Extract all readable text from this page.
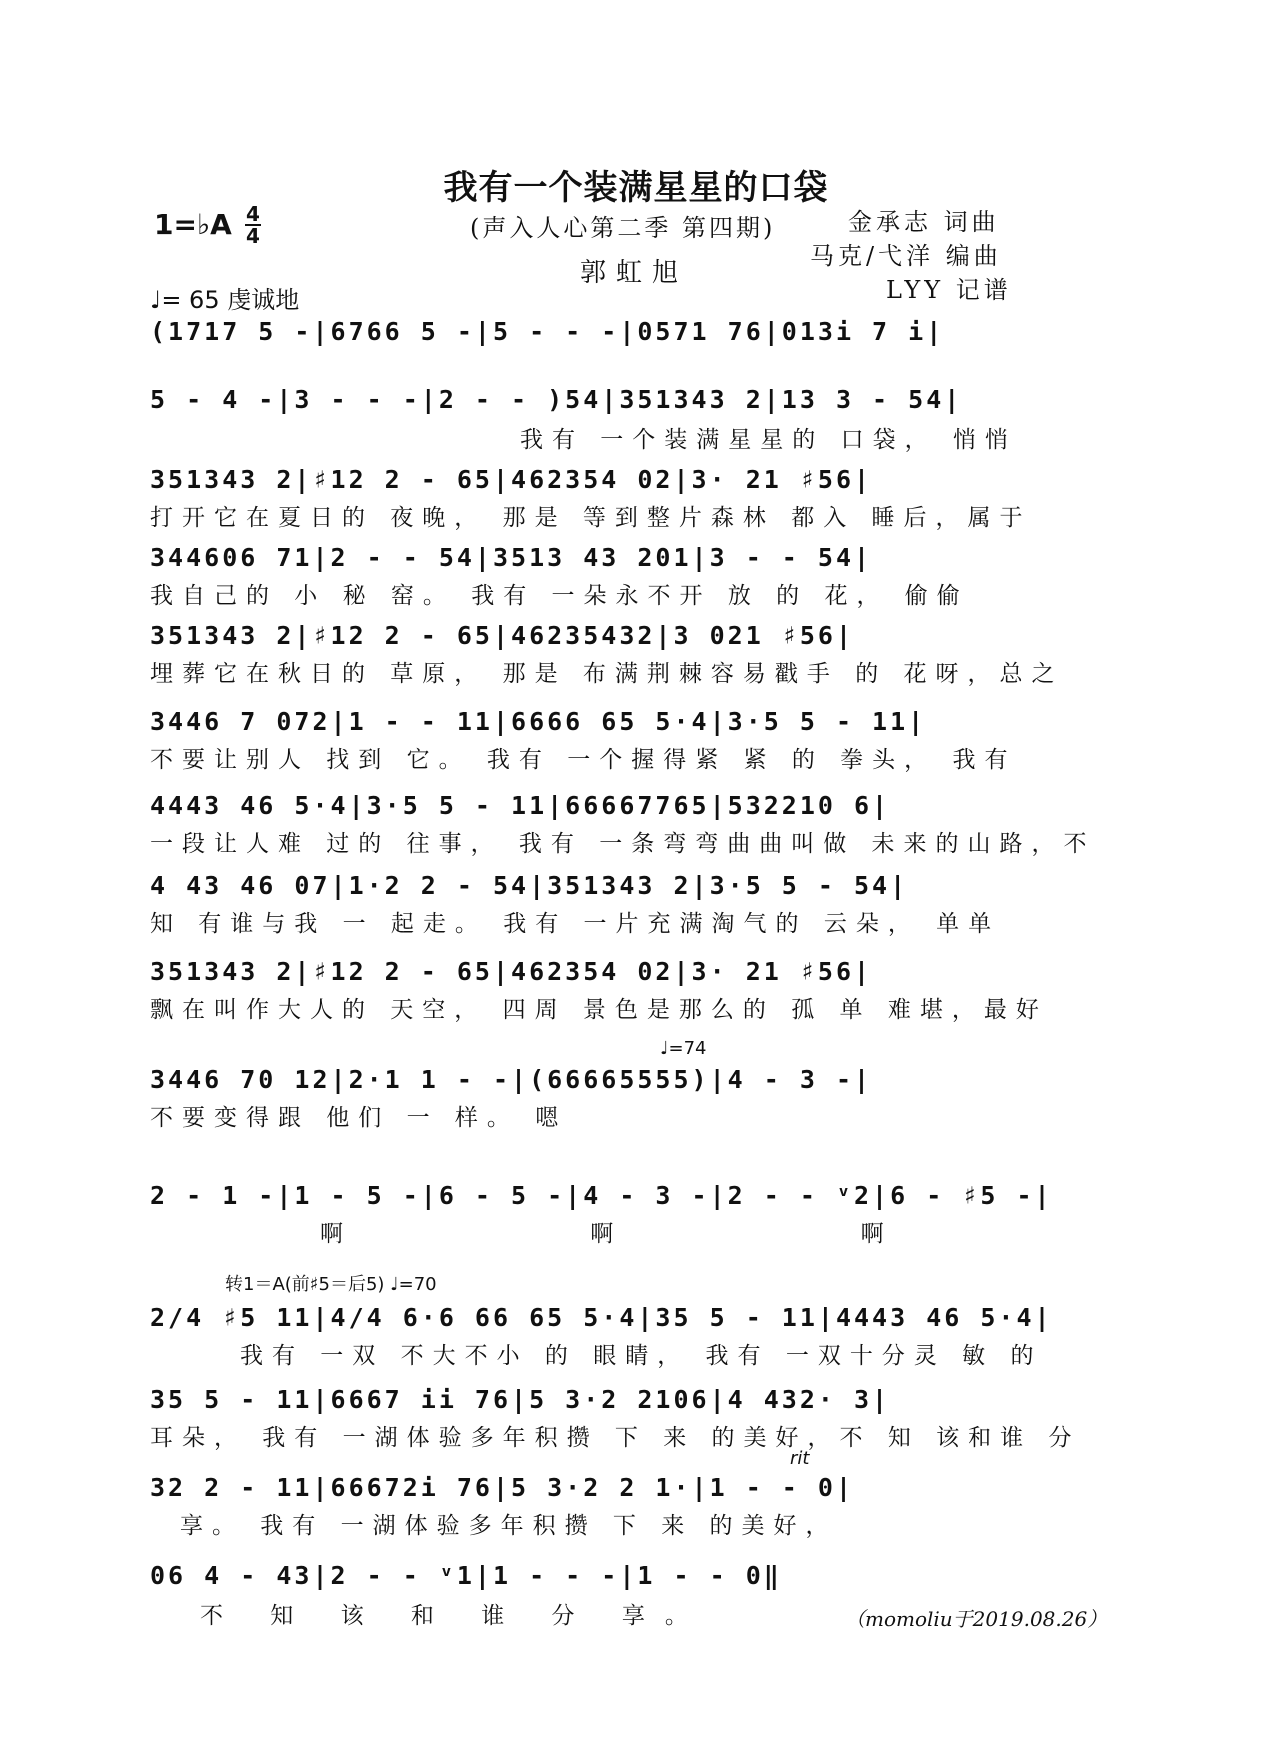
我有一个装满星星的口袋
(声入人心第二季 第四期)
郭虹旭
1=♭A 4
4
♩= 65 虔诚地
金承志 词曲
马克/弋洋 编曲
LYY 记谱
(1717 5 -|6766 5 -|5 - - -|0571 76|013i 7 i|
5 - 4 -|3 - - -|2 - - )54|351343 2|13 3 - 54|
我有 一个装满星星的 口袋， 悄悄
351343 2|♯12 2 - 65|462354 02|3· 21 ♯56|
打开它在夏日的 夜晚， 那是 等到整片森林 都入 睡后，属于
344606 71|2 - - 54|3513 43 201|3 - - 54|
我自己的 小 秘 窑。 我有 一朵永不开 放 的 花， 偷偷
351343 2|♯12 2 - 65|46235432|3 021 ♯56|
埋葬它在秋日的 草原， 那是 布满荆棘容易戳手 的 花呀，总之
3446 7 072|1 - - 11|6666 65 5·4|3·5 5 - 11|
不要让别人 找到 它。 我有 一个握得紧 紧 的 拳头， 我有
4443 46 5·4|3·5 5 - 11|66667765|532210 6|
一段让人难 过的 往事， 我有 一条弯弯曲曲叫做 未来的山路，不
4 43 46 07|1·2 2 - 54|351343 2|3·5 5 - 54|
知 有谁与我 一 起走。 我有 一片充满淘气的 云朵， 单单
351343 2|♯12 2 - 65|462354 02|3· 21 ♯56|
飘在叫作大人的 天空， 四周 景色是那么的 孤 单 难堪，最好
♩=74
3446 70 12|2·1 1 - -|(66665555)|4 - 3 -|
不要变得跟 他们 一 样。 嗯
2 - 1 -|1 - 5 -|6 - 5 -|4 - 3 -|2 - - ᵛ2|6 - ♯5 -|
啊 啊 啊
转1＝A(前♯5＝后5) ♩=70
2/4 ♯5 11|4/4 6·6 66 65 5·4|35 5 - 11|4443 46 5·4|
我有 一双 不大不小 的 眼睛， 我有 一双十分灵 敏 的
35 5 - 11|6667 ii 76|5 3·2 2106|4 432· 3|
耳朵， 我有 一湖体验多年积攒 下 来 的美好，不 知 该和谁 分
rit
32 2 - 11|66672i 76|5 3·2 2 1·|1 - - 0|
享。 我有 一湖体验多年积攒 下 来 的美好，
06 4 - 43|2 - - ᵛ1|1 - - -|1 - - 0‖
不 知 该 和 谁 分 享。	（momoliu于2019.08.26）
